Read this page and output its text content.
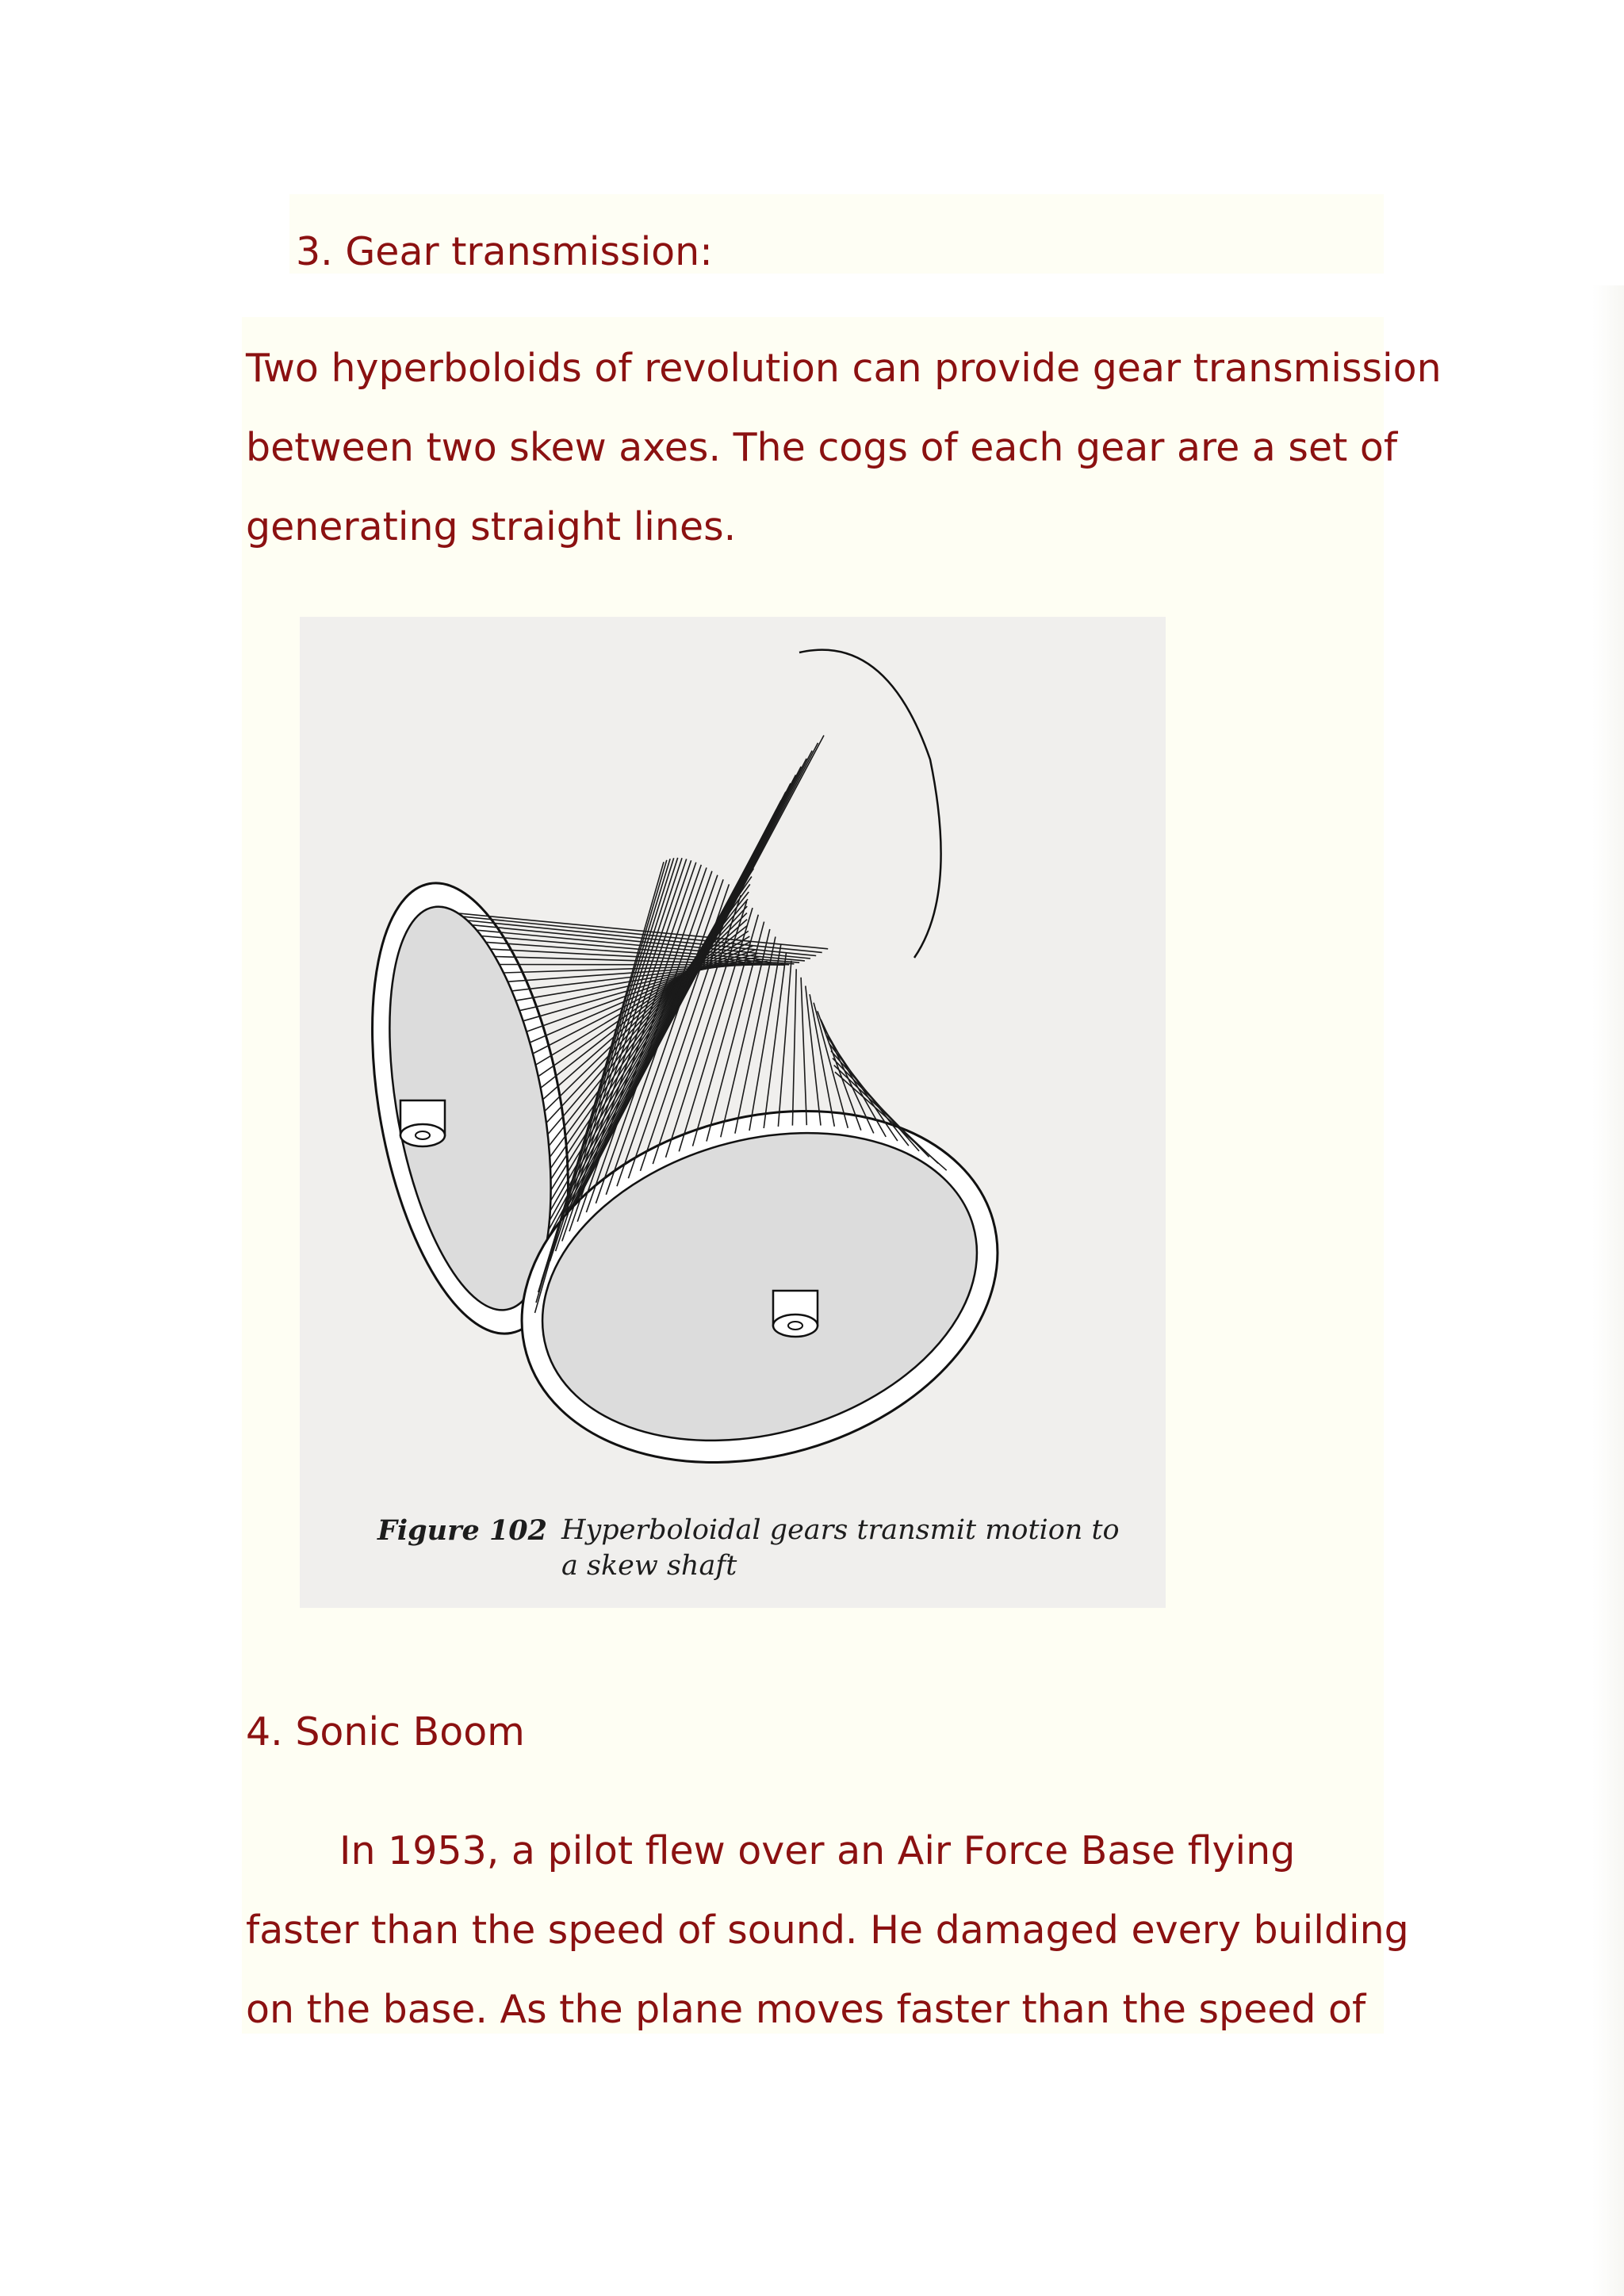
3. Gear transmission:
Two hyperboloids of revolution can provide gear transmission
between two skew axes. The cogs of each gear are a set of
generating straight lines.
Figure 102 Hyperboloidal gears transmit motion to
a skew shaft
4. Sonic Boom
In 1953, a pilot flew over an Air Force Base flying
faster than the speed of sound. He damaged every building
on the base. As the plane moves faster than the speed of
